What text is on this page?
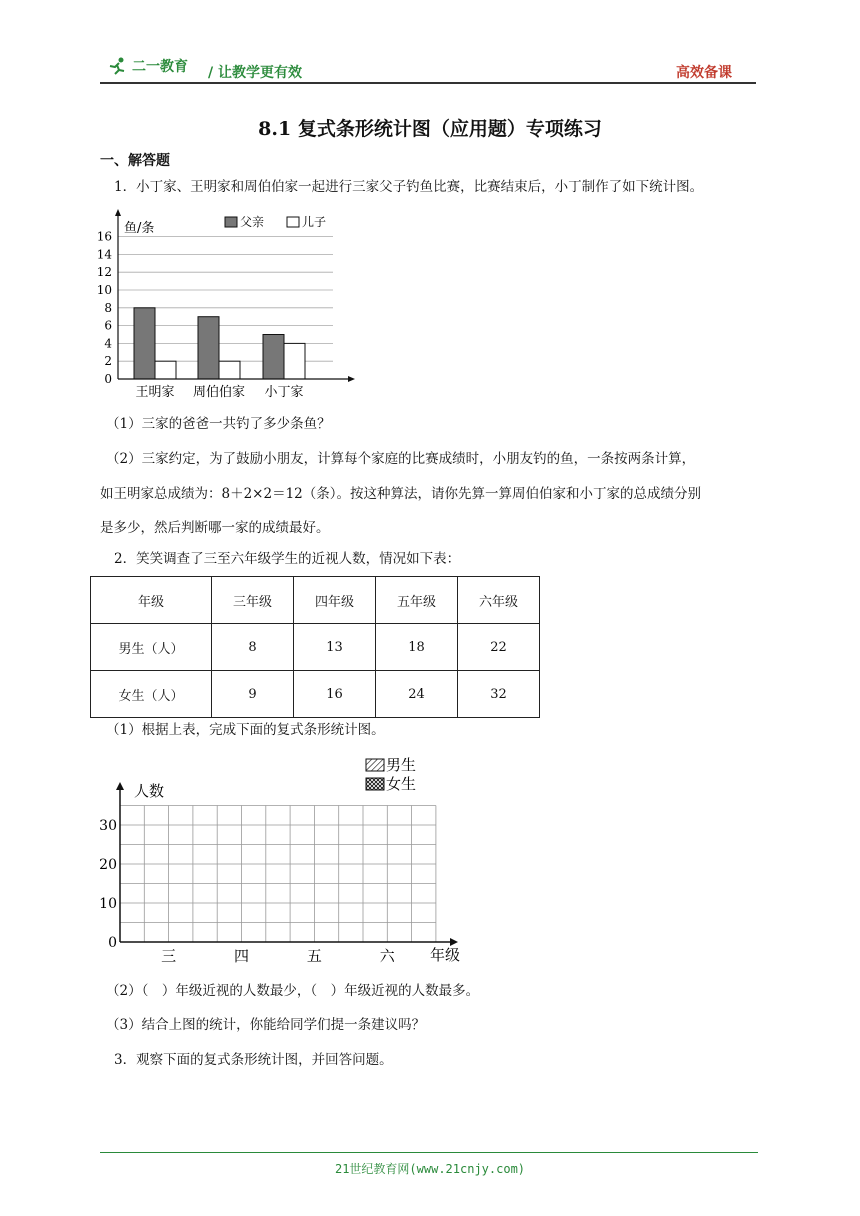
二一教育 / 让教学更有效	高效备课
8.1 复式条形统计图（应用题）专项练习
一、解答题
1．小丁家、王明家和周伯伯家一起进行三家父子钓鱼比赛，比赛结束后，小丁制作了如下统计图。
0
2
4
6
8
10
12
14
16
王明家 周伯伯家 小丁家
鱼/条	父亲	儿子
（1）三家的爸爸一共钓了多少条鱼？
（2）三家约定，为了鼓励小朋友，计算每个家庭的比赛成绩时，小朋友钓的鱼，一条按两条计算，
如王明家总成绩为：8＋2×2＝12（条）。按这种算法，请你先算一算周伯伯家和小丁家的总成绩分别
是多少，然后判断哪一家的成绩最好。
2．笑笑调查了三至六年级学生的近视人数，情况如下表：
年级	三年级	四年级	五年级	六年级
男生（人）	8	13	18	22
女生（人）	9	16	24	32
（1）根据上表，完成下面的复式条形统计图。
0
10
20
30
三	四	五	六
人数
年级
男生
女生
（2）（　）年级近视的人数最少，（　）年级近视的人数最多。
（3）结合上图的统计，你能给同学们提一条建议吗？
3．观察下面的复式条形统计图，并回答问题。
21世纪教育网(www.21cnjy.com)
